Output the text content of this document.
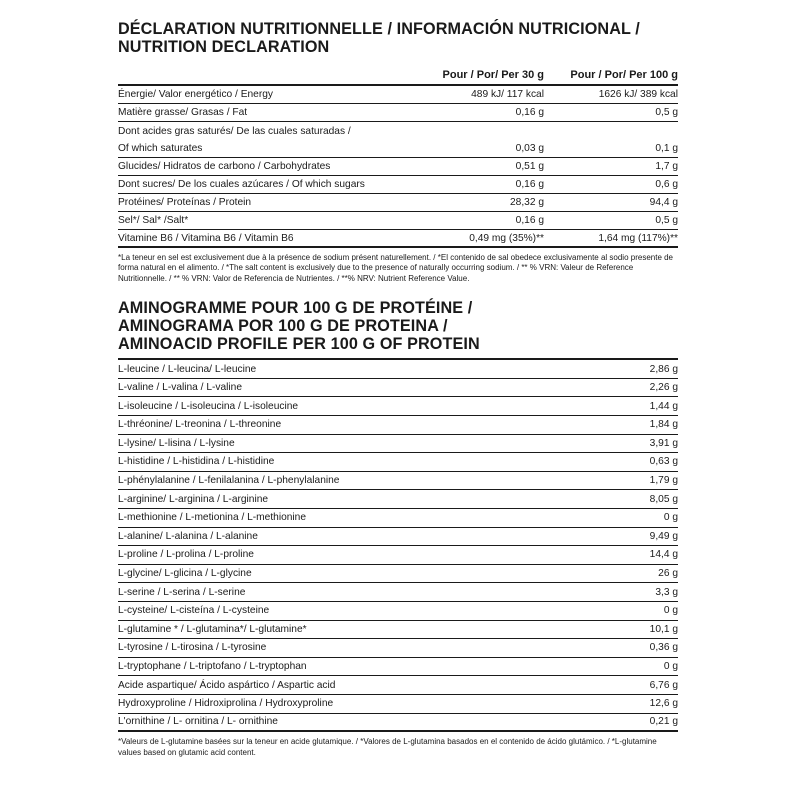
DÉCLARATION NUTRITIONNELLE / INFORMACIÓN NUTRICIONAL /
NUTRITION DECLARATION
Pour / Por/ Per 30 g	Pour / Por/ Per 100 g
Énergie/ Valor energético / Energy	489 kJ/ 117 kcal	1626 kJ/ 389 kcal
Matière grasse/ Grasas / Fat	0,16 g	0,5 g
Dont acides gras saturés/ De las cuales saturadas /
Of which saturates	0,03 g	0,1 g
Glucides/ Hidratos de carbono / Carbohydrates	0,51 g	1,7 g
Dont sucres/ De los cuales azúcares / Of which sugars	0,16 g	0,6 g
Protéines/ Proteínas / Protein	28,32 g	94,4 g
Sel*/ Sal* /Salt*	0,16 g	0,5 g
Vitamine B6 / Vitamina B6 / Vitamin B6	0,49 mg (35%)**	1,64 mg (117%)**
*La teneur en sel est exclusivement due à la présence de sodium présent naturellement. / *El contenido de sal obedece exclusivamente al sodio presente de forma natural en el alimento. / *The salt content is exclusively due to the presence of naturally occurring sodium. / ** % VRN: Valeur de Reference Nutritionnelle. / ** % VRN: Valor de Referencia de Nutrientes. / **% NRV: Nutrient Reference Value.
AMINOGRAMME POUR 100 G DE PROTÉINE /
AMINOGRAMA POR 100 G DE PROTEINA /
AMINOACID PROFILE PER 100 G OF PROTEIN
L-leucine / L-leucina/ L-leucine	2,86 g
L-valine / L-valina / L-valine	2,26 g
L-isoleucine / L-isoleucina / L-isoleucine	1,44 g
L-thréonine/ L-treonina / L-threonine	1,84 g
L-lysine/ L-lisina / L-lysine	3,91 g
L-histidine / L-histidina / L-histidine	0,63 g
L-phénylalanine / L-fenilalanina / L-phenylalanine	1,79 g
L-arginine/ L-arginina / L-arginine	8,05 g
L-methionine / L-metionina / L-methionine	0 g
L-alanine/ L-alanina / L-alanine	9,49 g
L-proline / L-prolina / L-proline	14,4 g
L-glycine/ L-glicina / L-glycine	26 g
L-serine / L-serina / L-serine	3,3 g
L-cysteine/ L-cisteína / L-cysteine	0 g
L-glutamine * / L-glutamina*/ L-glutamine*	10,1 g
L-tyrosine / L-tirosina / L-tyrosine	0,36 g
L-tryptophane / L-triptofano / L-tryptophan	0 g
Acide aspartique/ Ácido aspártico / Aspartic acid	6,76 g
Hydroxyproline / Hidroxiprolina / Hydroxyproline	12,6 g
L'ornithine / L- ornitina / L- ornithine	0,21 g
*Valeurs de L-glutamine basées sur la teneur en acide glutamique. / *Valores de L-glutamina basados en el contenido de ácido glutámico. / *L-glutamine values based on glutamic acid content.
